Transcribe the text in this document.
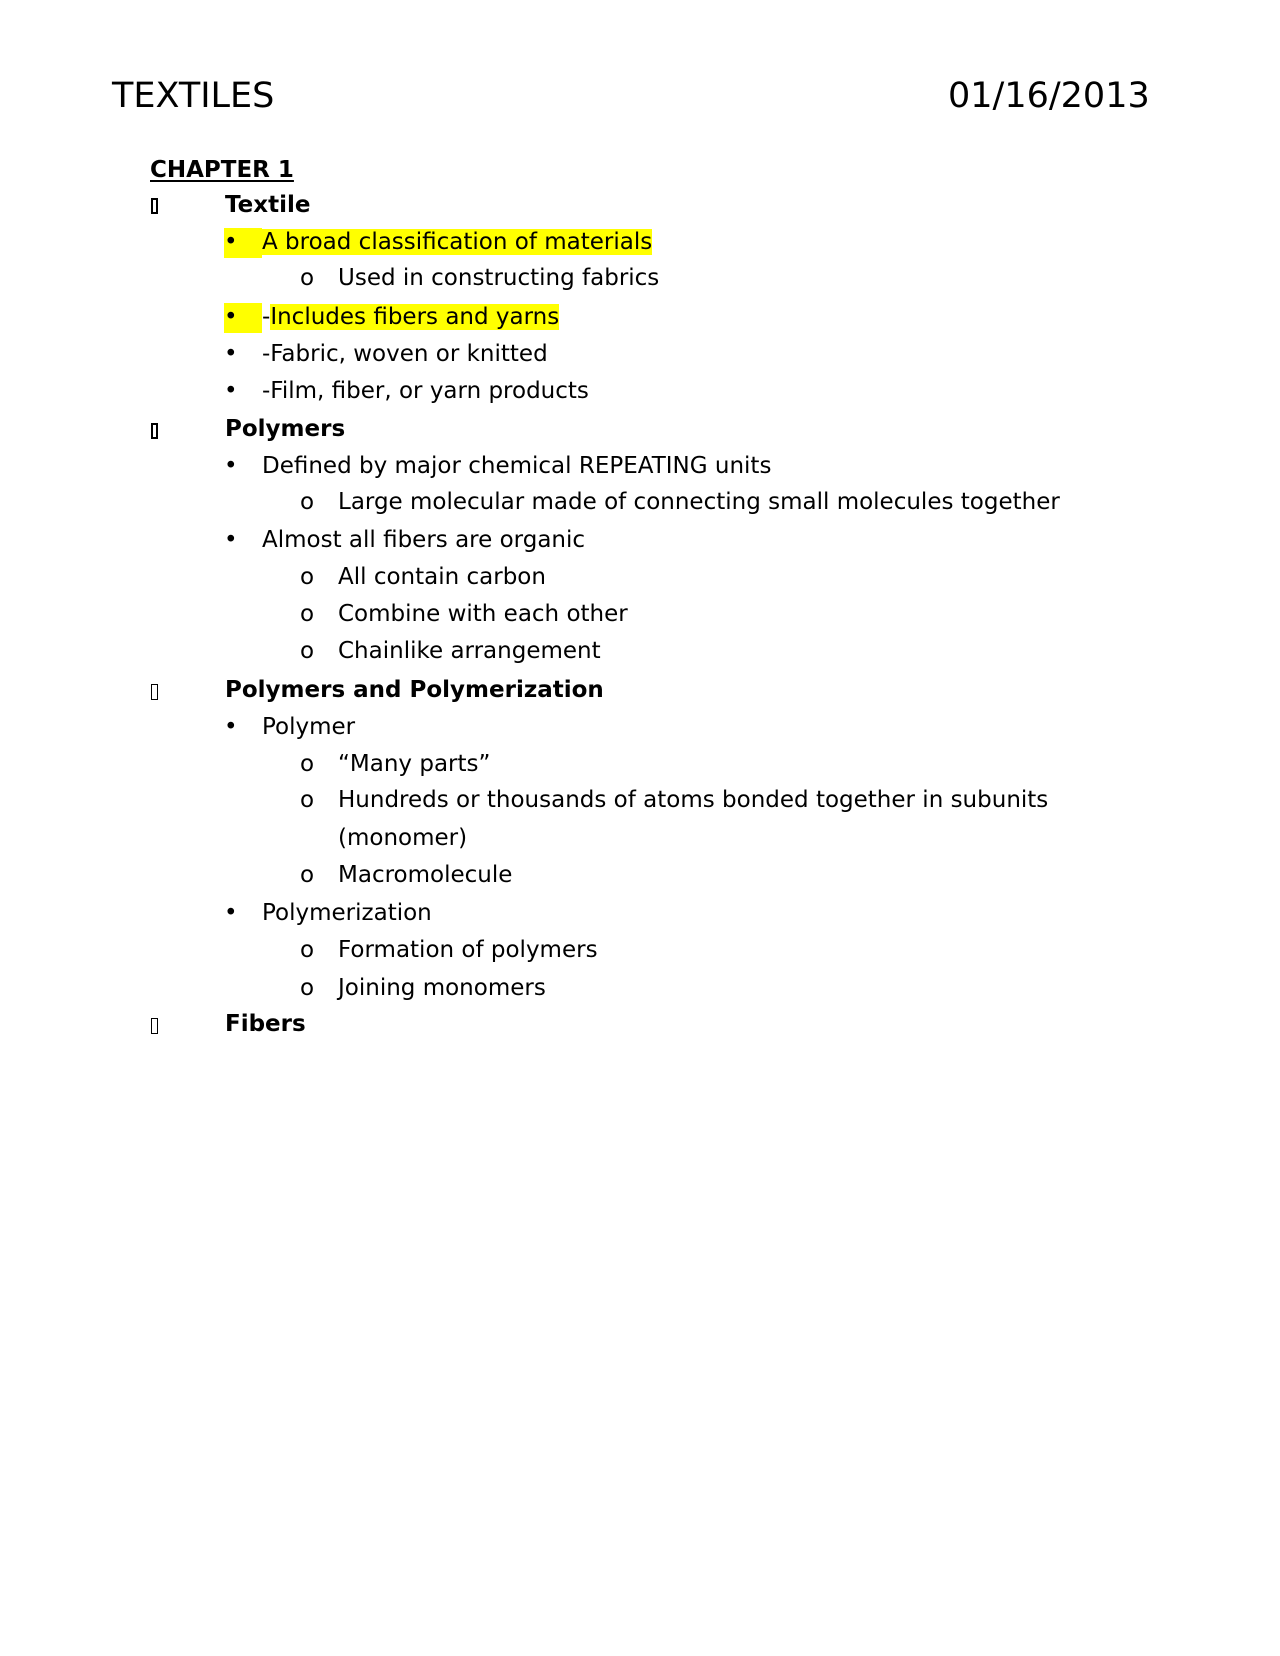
TEXTILES	01/16/2013
CHAPTER 1
Textile
• A broad classification of materials
o Used in constructing fabrics
• -Includes fibers and yarns
• -Fabric, woven or knitted
• -Film, fiber, or yarn products
Polymers
• Defined by major chemical REPEATING units
o Large molecular made of connecting small molecules together
• Almost all fibers are organic
o All contain carbon
o Combine with each other
o Chainlike arrangement
Polymers and Polymerization
• Polymer
o “Many parts”
o Hundreds or thousands of atoms bonded together in subunits
(monomer)
o Macromolecule
• Polymerization
o Formation of polymers
o Joining monomers
Fibers
